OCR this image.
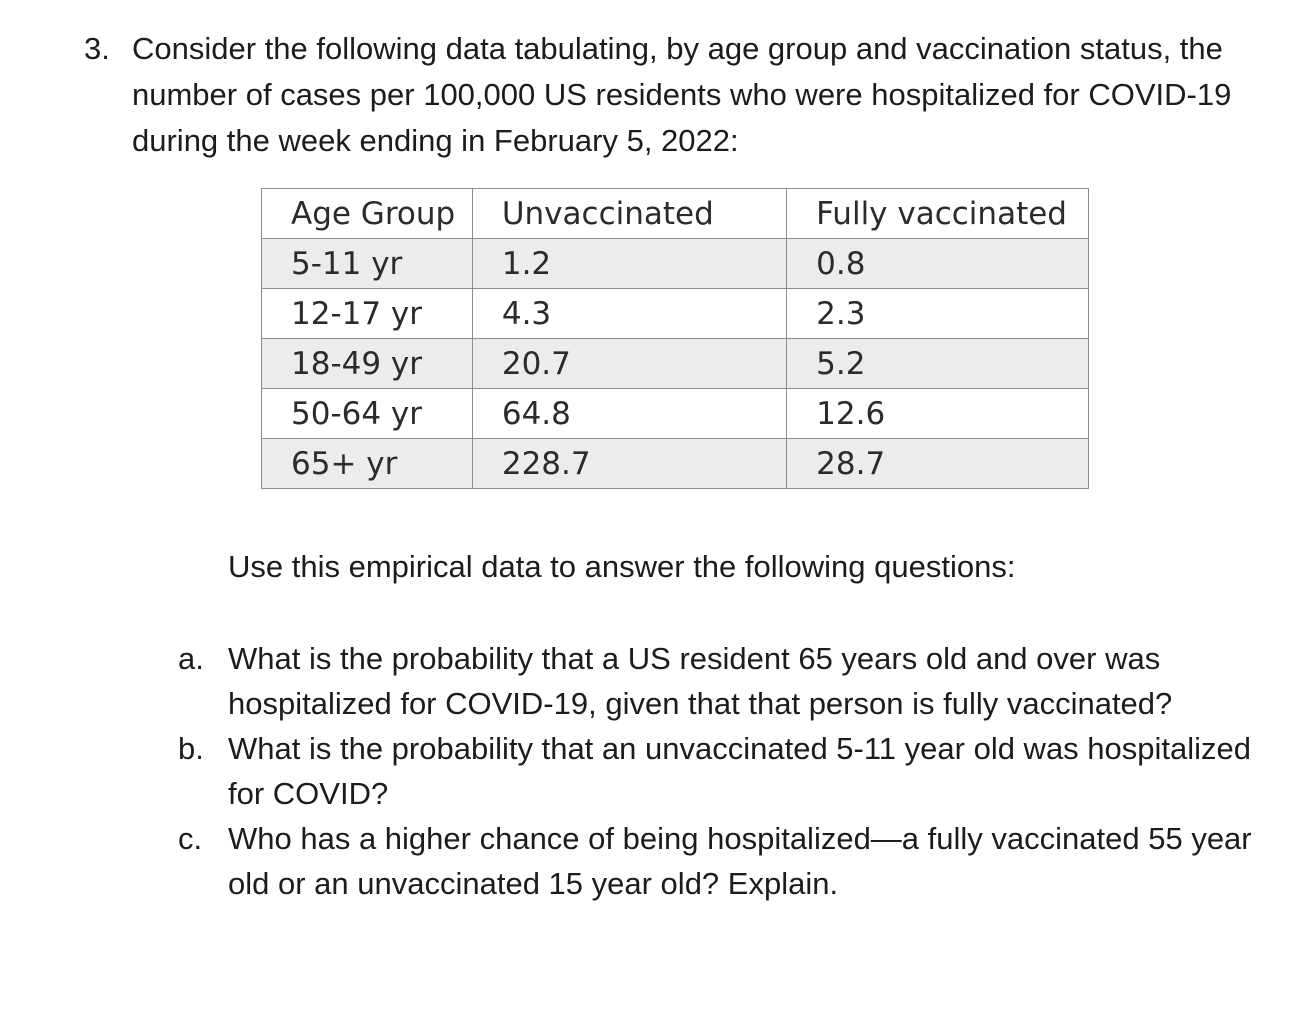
3. Consider the following data tabulating, by age group and vaccination status, the number of cases per 100,000 US residents who were hospitalized for COVID-19 during the week ending in February 5, 2022:
Age Group	Unvaccinated	Fully vaccinated
5-11 yr	1.2	0.8
12-17 yr	4.3	2.3
18-49 yr	20.7	5.2
50-64 yr	64.8	12.6
65+ yr	228.7	28.7
Use this empirical data to answer the following questions:
a. What is the probability that a US resident 65 years old and over was hospitalized for COVID-19, given that that person is fully vaccinated?
b. What is the probability that an unvaccinated 5-11 year old was hospitalized for COVID?
c. Who has a higher chance of being hospitalized—a fully vaccinated 55 year old or an unvaccinated 15 year old? Explain.
